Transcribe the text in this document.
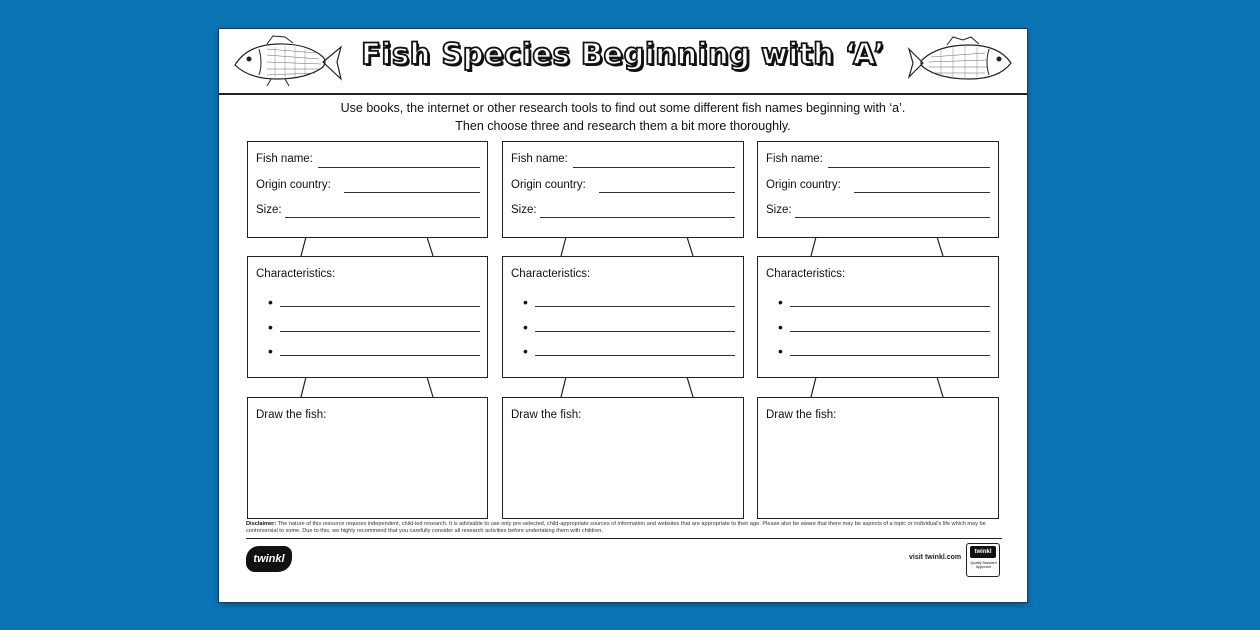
Fish Species Beginning with ‘A’
Use books, the internet or other research tools to find out some different fish names beginning with ‘a’.
Then choose three and research them a bit more thoroughly.
Fish name:
Origin country:
Size:
Characteristics:
•
•
•
Draw the fish:
Fish name:
Origin country:
Size:
Characteristics:
•
•
•
Draw the fish:
Fish name:
Origin country:
Size:
Characteristics:
•
•
•
Draw the fish:
Disclaimer: The nature of this resource requires independent, child-led research. It is advisable to use only pre-selected, child-appropriate sources of information and websites that are appropriate to their age. Please also be aware that there may be aspects of a topic or individual's life which may be controversial to some. Due to this, we highly recommend that you carefully consider all research activities before undertaking them with children.
twinkl	visit twinkl.com
twinkl
Quality Standard Approved
